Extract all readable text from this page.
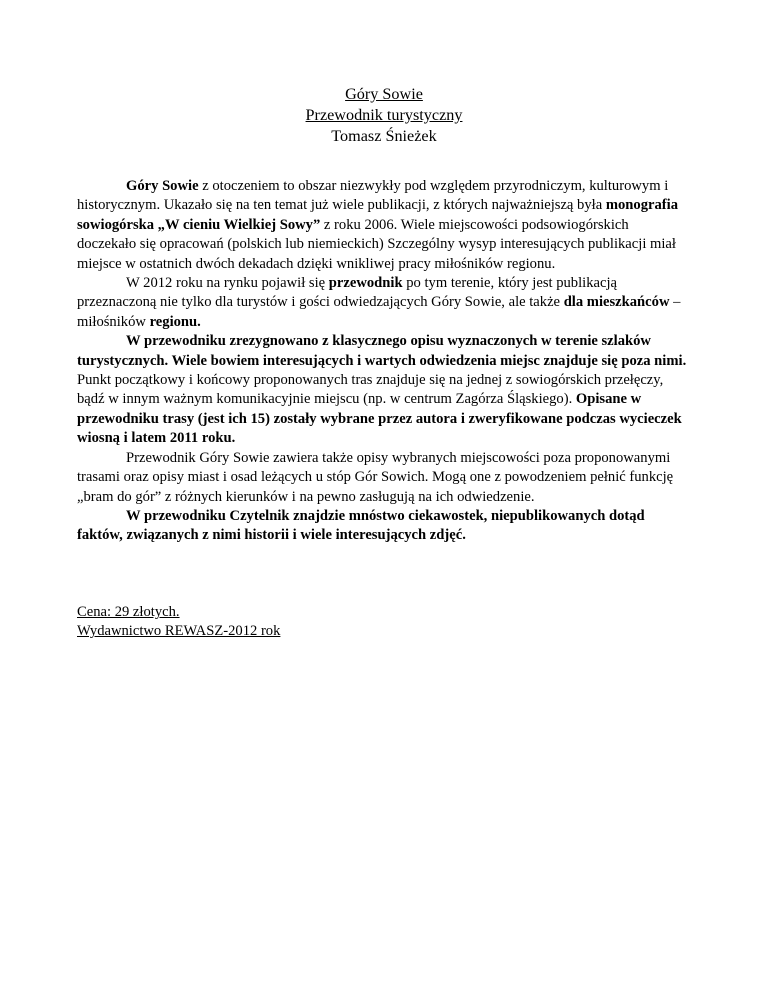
Góry Sowie
Przewodnik turystyczny
Tomasz Śnieżek

Góry Sowie z otoczeniem to obszar niezwykły pod względem przyrodniczym, kulturowym i historycznym. Ukazało się na ten temat już wiele publikacji, z których najważniejszą była monografia sowiogórska „W cieniu Wielkiej Sowy” z roku 2006. Wiele miejscowości podsowiogórskich doczekało się opracowań (polskich lub niemieckich) Szczególny wysyp interesujących publikacji miał miejsce w ostatnich dwóch dekadach dzięki wnikliwej pracy miłośników regionu.

W 2012 roku na rynku pojawił się przewodnik po tym terenie, który jest publikacją przeznaczoną nie tylko dla turystów i gości odwiedzających Góry Sowie, ale także dla mieszkańców – miłośników regionu.

W przewodniku zrezygnowano z klasycznego opisu wyznaczonych w terenie szlaków turystycznych. Wiele bowiem interesujących i wartych odwiedzenia miejsc znajduje się poza nimi. Punkt początkowy i końcowy proponowanych tras znajduje się na jednej z sowiogórskich przełęczy, bądź w innym ważnym komunikacyjnie miejscu (np. w centrum Zagórza Śląskiego). Opisane w przewodniku trasy (jest ich 15) zostały wybrane przez autora i zweryfikowane podczas wycieczek wiosną i latem 2011 roku.

Przewodnik Góry Sowie zawiera także opisy wybranych miejscowości poza proponowanymi trasami oraz opisy miast i osad leżących u stóp Gór Sowich. Mogą one z powodzeniem pełnić funkcję „bram do gór” z różnych kierunków i na pewno zasługują na ich odwiedzenie.

W przewodniku Czytelnik znajdzie mnóstwo ciekawostek, niepublikowanych dotąd faktów, związanych z nimi historii i wiele interesujących zdjęć.

Cena: 29 złotych.
Wydawnictwo REWASZ-2012 rok
